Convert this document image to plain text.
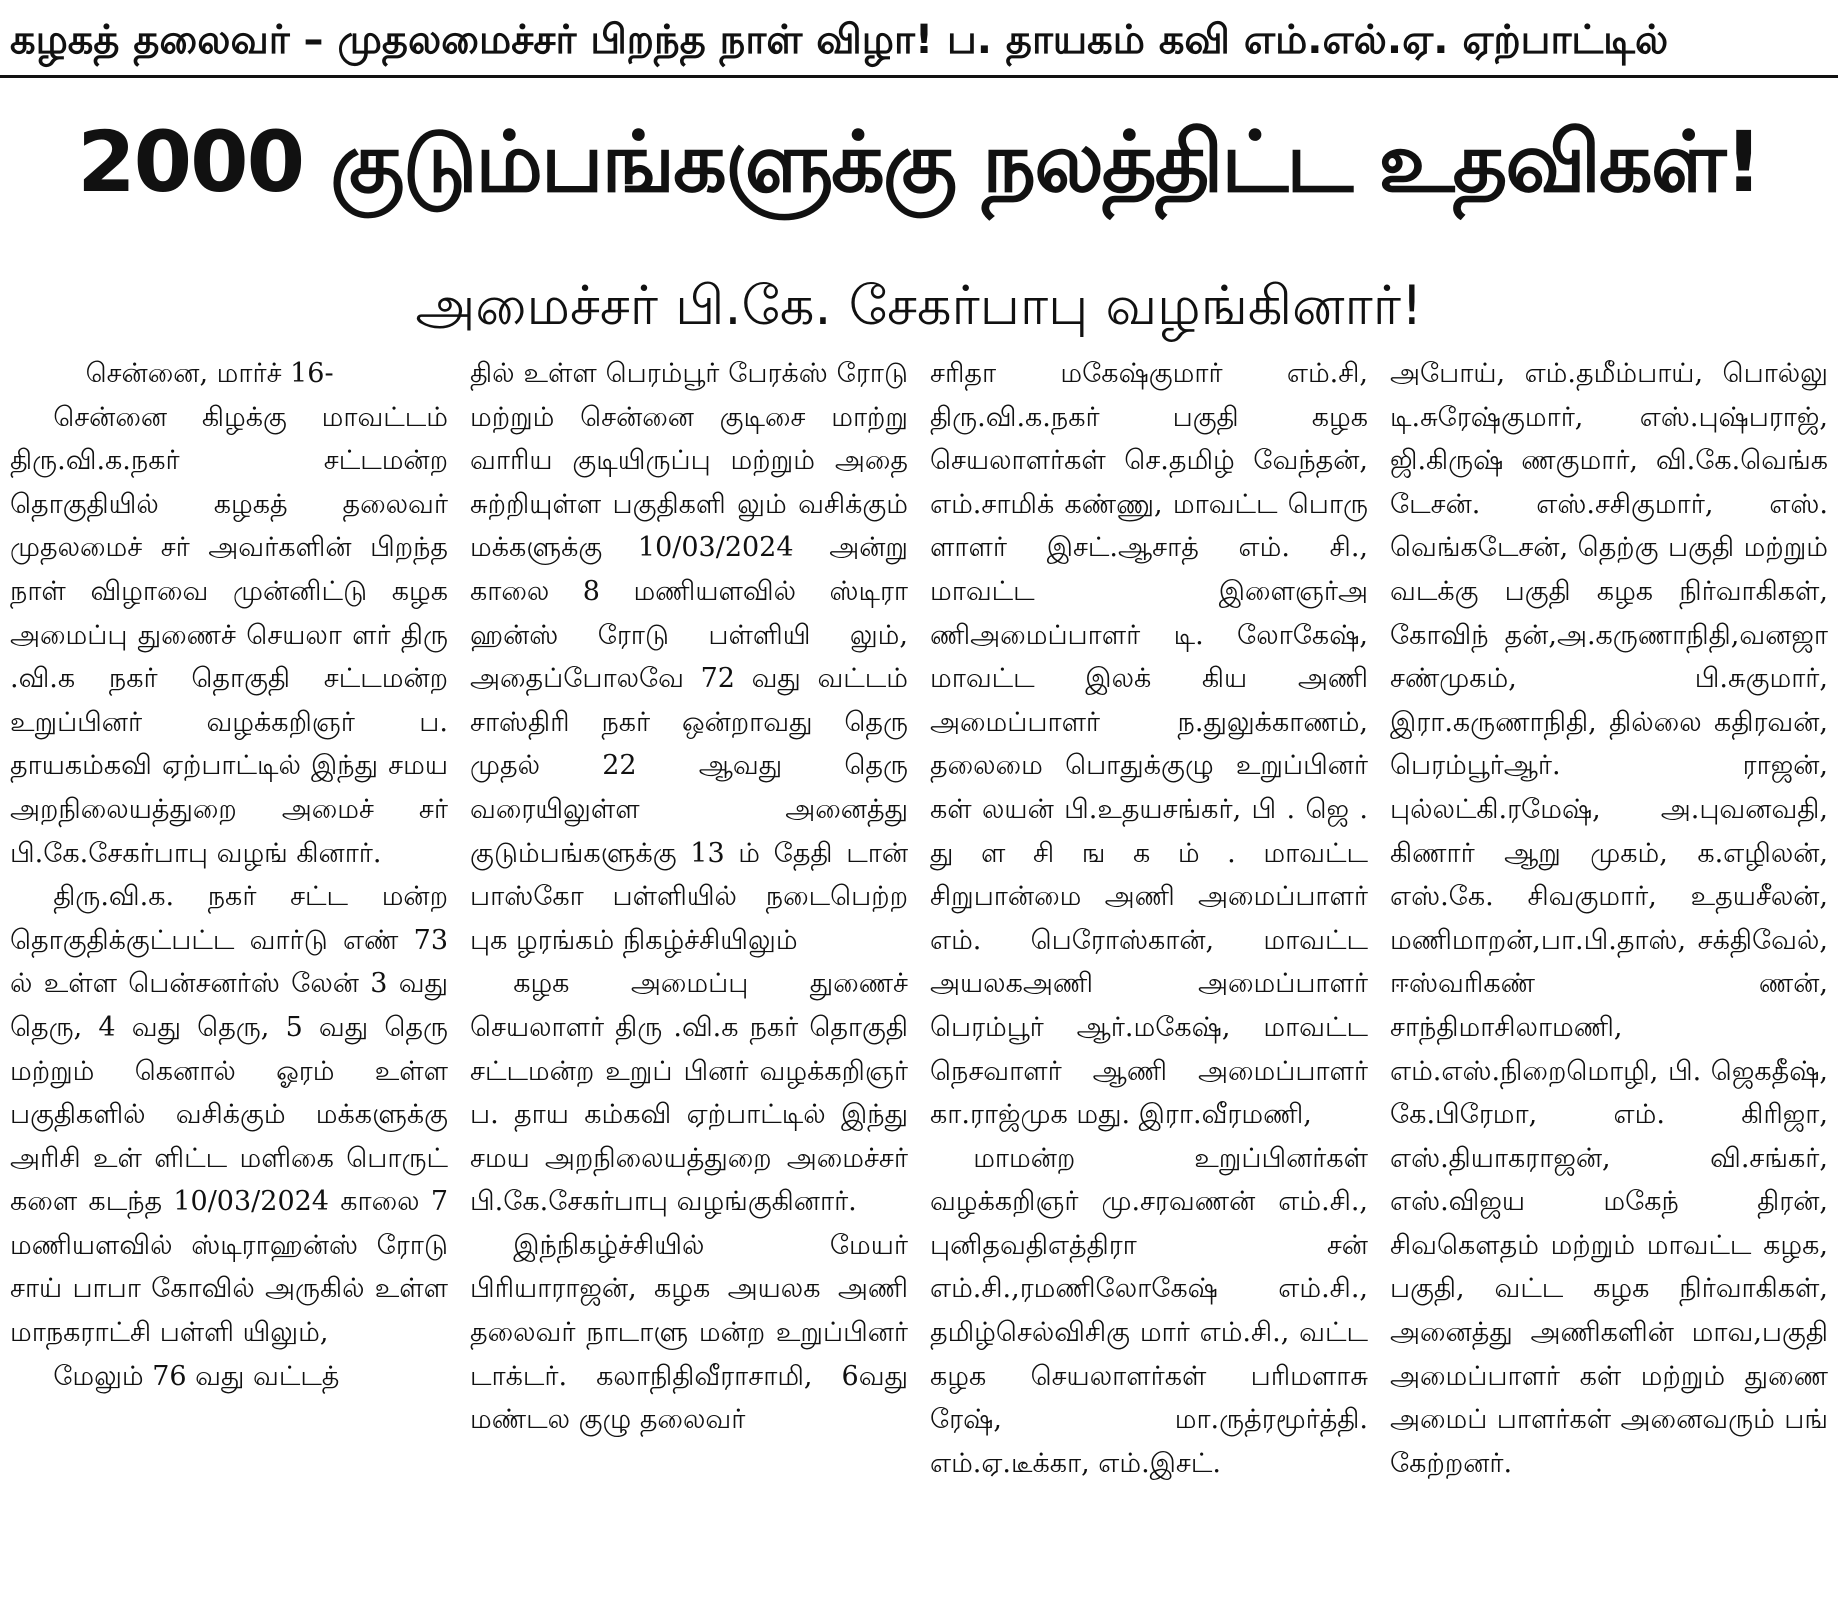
கழகத் தலைவர் – முதலமைச்சர் பிறந்த நாள் விழா! ப. தாயகம் கவி எம்.எல்.ஏ. ஏற்பாட்டில்
2000 குடும்பங்களுக்கு நலத்திட்ட உதவிகள்!
அமைச்சர் பி.கே. சேகர்பாபு வழங்கினார்!

சென்னை, மார்ச் 16-

சென்னை கிழக்கு மாவட்டம் திரு.வி.க.நகர் சட்டமன்ற தொகுதியில் கழகத் தலைவர் முதலமைச் சர் அவர்களின் பிறந்த நாள் விழாவை முன்னிட்டு கழக அமைப்பு துணைச் செயலா ளர் திரு .வி.க நகர் தொகுதி சட்டமன்ற உறுப்பினர் வழக்கறிஞர் ப. தாயகம்கவி ஏற்பாட்டில் இந்து சமய அறநிலையத்துறை அமைச் சர் பி.கே.சேகர்பாபு வழங் கினார்.

திரு.வி.க. நகர் சட்ட மன்ற தொகுதிக்குட்பட்ட வார்டு எண் 73 ல் உள்ள பென்சனர்ஸ் லேன் 3 வது தெரு, 4 வது தெரு, 5 வது தெரு மற்றும் கெனால் ஓரம் உள்ள பகுதிகளில் வசிக்கும் மக்களுக்கு அரிசி உள் ளிட்ட மளிகை பொருட் களை கடந்த 10/03/2024 காலை 7 மணியளவில் ஸ்டிராஹன்ஸ் ரோடு சாய் பாபா கோவில் அருகில் உள்ள மாநகராட்சி பள்ளி யிலும்,

மேலும் 76 வது வட்டத்

தில் உள்ள பெரம்பூர் பேரக்ஸ் ரோடு மற்றும் சென்னை குடிசை மாற்று வாரிய குடியிருப்பு மற்றும் அதை சுற்றியுள்ள பகுதிகளி லும் வசிக்கும் மக்களுக்கு 10/03/2024 அன்று காலை 8 மணியளவில் ஸ்டிரா ஹன்ஸ் ரோடு பள்ளியி லும், அதைப்போலவே 72 வது வட்டம் சாஸ்திரி நகர் ஒன்றாவது தெரு முதல் 22 ஆவது தெரு வரையிலுள்ள அனைத்து குடும்பங்களுக்கு 13 ம் தேதி டான் பாஸ்கோ பள்ளியில் நடைபெற்ற புக ழரங்கம் நிகழ்ச்சியிலும்

கழக அமைப்பு துணைச் செயலாளர் திரு .வி.க நகர் தொகுதி சட்டமன்ற உறுப் பினர் வழக்கறிஞர் ப. தாய கம்கவி ஏற்பாட்டில் இந்து சமய அறநிலையத்துறை அமைச்சர் பி.கே.சேகர்பாபு வழங்குகினார்.

இந்நிகழ்ச்சியில் மேயர் பிரியாராஜன், கழக அயலக அணி தலைவர் நாடாளு மன்ற உறுப்பினர் டாக்டர். கலாநிதிவீராசாமி, 6வது மண்டல குழு தலைவர்

சரிதா மகேஷ்குமார் எம்.சி, திரு.வி.க.நகர் பகுதி கழக செயலாளர்கள் செ.தமிழ் வேந்தன், எம்.சாமிக் கண்ணு, மாவட்ட பொரு ளாளர் இசட்.ஆசாத் எம். சி., மாவட்ட இளைஞர்அ ணிஅமைப்பாளர் டி. லோகேஷ், மாவட்ட இலக் கிய அணி அமைப்பாளர் ந.துலுக்காணம், தலைமை பொதுக்குழு உறுப்பினர் கள் லயன் பி.உதயசங்கர், பி . ஜெ . து ள சி ங க ம் . மாவட்ட சிறுபான்மை அணி அமைப்பாளர் எம். பெரோஸ்கான், மாவட்ட அயலகஅணி அமைப்பாளர் பெரம்பூர் ஆர்.மகேஷ், மாவட்ட நெசவாளர் ஆணி அமைப்பாளர் கா.ராஜ்முக மது. இரா.வீரமணி,

மாமன்ற உறுப்பினர்கள் வழக்கறிஞர் மு.சரவணன் எம்.சி., புனிதவதிஎத்திரா சன் எம்.சி.,ரமணிலோகேஷ் எம்.சி., தமிழ்செல்விசிகு மார் எம்.சி., வட்ட கழக செயலாளர்கள் பரிமளாசு ரேஷ், மா.ருத்ரமூர்த்தி. எம்.ஏ.டீக்கா, எம்.இசட்.

அபோய், எம்.தமீம்பாய், பொல்லு டி.சுரேஷ்குமார், எஸ்.புஷ்பராஜ், ஜி.கிருஷ் ணகுமார், வி.கே.வெங்க டேசன். எஸ்.சசிகுமார், எஸ். வெங்கடேசன், தெற்கு பகுதி மற்றும் வடக்கு பகுதி கழக நிர்வாகிகள், கோவிந் தன்,அ.கருணாநிதி,வனஜா சண்முகம், பி.சுகுமார், இரா.கருணாநிதி, தில்லை கதிரவன், பெரம்பூர்ஆர். ராஜன், புல்லட்கி.ரமேஷ், அ.புவனவதி, கிணார் ஆறு முகம், க.எழிலன், எஸ்.கே. சிவகுமார், உதயசீலன், மணிமாறன்,பா.பி.தாஸ், சக்திவேல், ஈஸ்வரிகண் ணன், சாந்திமாசிலாமணி, எம்.எஸ்.நிறைமொழி, பி. ஜெகதீஷ், கே.பிரேமா, எம். கிரிஜா, எஸ்.தியாகராஜன், வி.சங்கர், எஸ்.விஜய மகேந் திரன், சிவகௌதம் மற்றும் மாவட்ட கழக, பகுதி, வட்ட கழக நிர்வாகிகள், அனைத்து அணிகளின் மாவ,பகுதி அமைப்பாளர் கள் மற்றும் துணை அமைப் பாளர்கள் அனைவரும் பங் கேற்றனர்.
